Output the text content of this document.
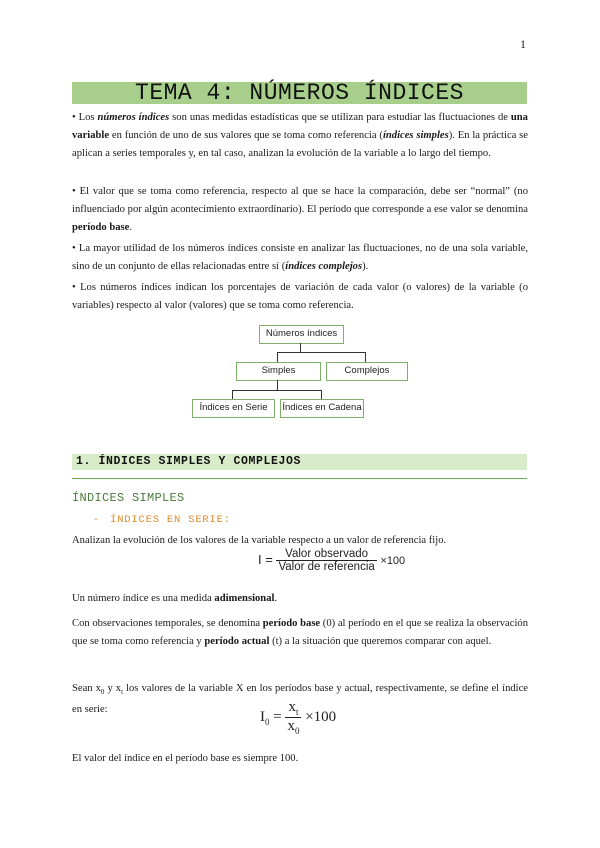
1
TEMA 4: NÚMEROS ÍNDICES

• Los números índices son unas medidas estadísticas que se utilizan para estudiar las fluctuaciones de una variable en función de uno de sus valores que se toma como referencia (índices simples). En la práctica se aplican a series temporales y, en tal caso, analizan la evolución de la variable a lo largo del tiempo.

• El valor que se toma como referencia, respecto al que se hace la comparación, debe ser “normal” (no influenciado por algún acontecimiento extraordinario). El período que corresponde a ese valor se denomina período base.

• La mayor utilidad de los números índices consiste en analizar las fluctuaciones, no de una sola variable, sino de un conjunto de ellas relacionadas entre sí (índices complejos).

• Los números índices indican los porcentajes de variación de cada valor (o valores) de la variable (o variables) respecto al valor (valores) que se toma como referencia.

Números índices
Simples	Complejos
Índices en Serie	Índices en Cadena
1. ÍNDICES SIMPLES Y COMPLEJOS
ÍNDICES SIMPLES
- ÍNDICES EN SERIE:

Analizan la evolución de los valores de la variable respecto a un valor de referencia fijo.

$I = \frac{\text{Valor observado}}{\text{Valor de referencia}} \times 100$

Un número índice es una medida adimensional.

Con observaciones temporales, se denomina período base (0) al período en el que se realiza la observación que se toma como referencia y período actual (t) a la situación que queremos comparar con aquel.

Sean $x_0$ y $x_t$ los valores de la variable X en los períodos base y actual, respectivamente, se define el índice en serie:	$I_0 = \frac{x_t}{x_0} \times 100$

El valor del índice en el período base es siempre 100.
